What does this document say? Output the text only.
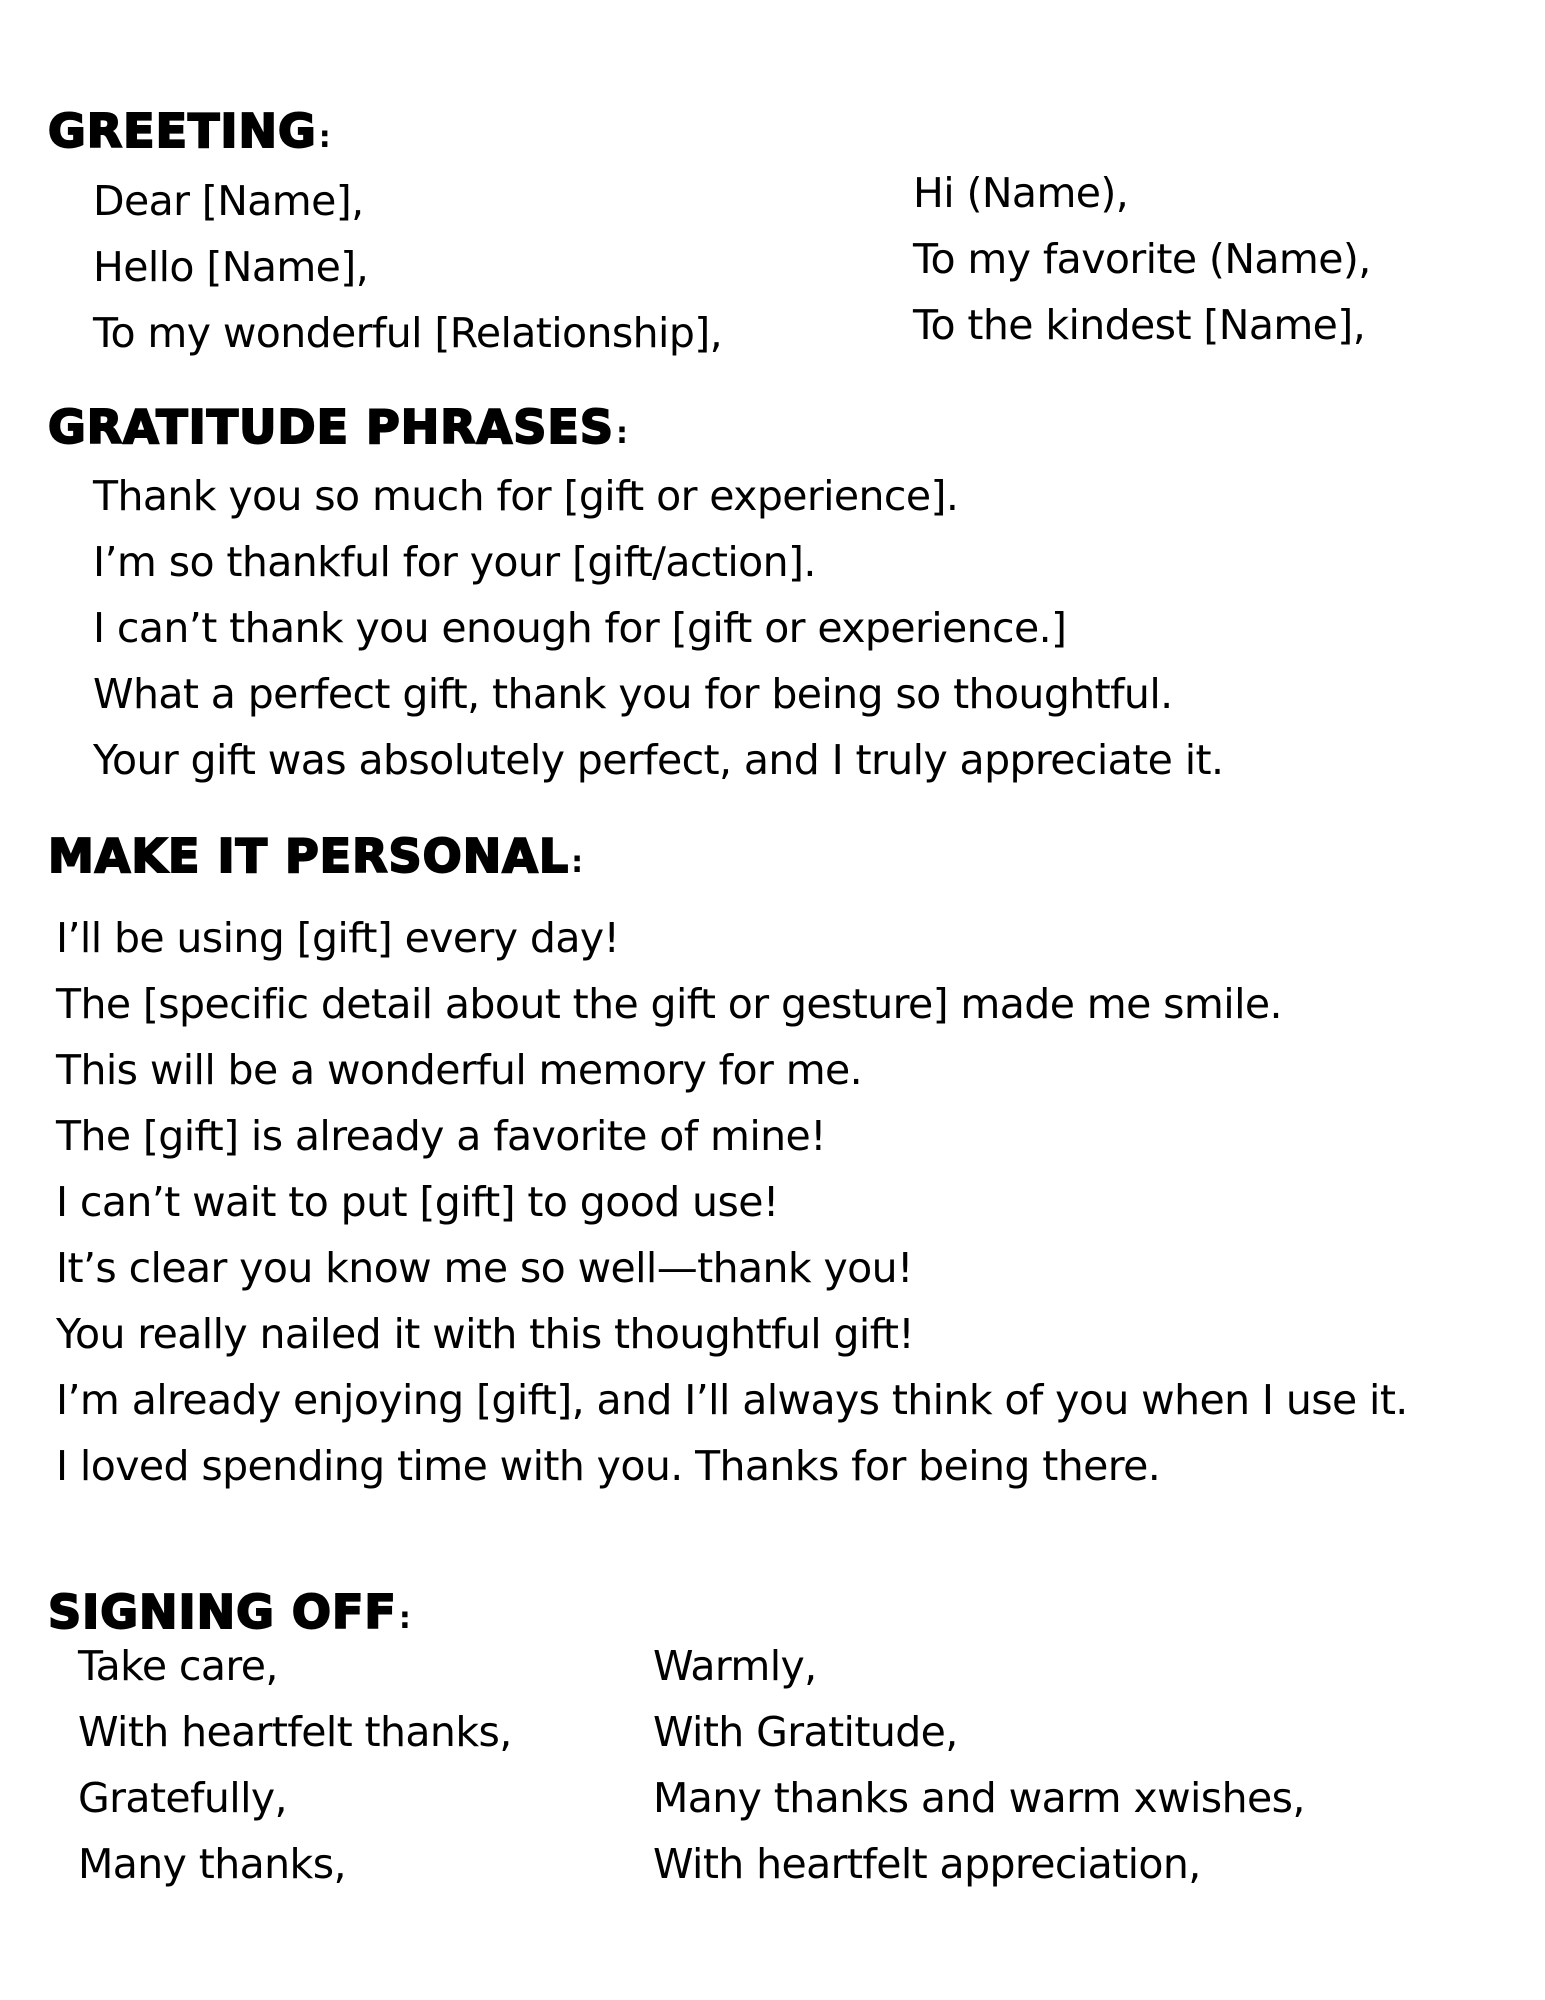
GREETING:
Dear [Name],
Hello [Name],
To my wonderful [Relationship],
Hi (Name),
To my favorite (Name),
To the kindest [Name],
GRATITUDE PHRASES:
Thank you so much for [gift or experience].
I’m so thankful for your [gift/action].
I can’t thank you enough for [gift or experience.]
What a perfect gift, thank you for being so thoughtful.
Your gift was absolutely perfect, and I truly appreciate it.
MAKE IT PERSONAL:
I’ll be using [gift] every day!
The [specific detail about the gift or gesture] made me smile.
This will be a wonderful memory for me.
The [gift] is already a favorite of mine!
I can’t wait to put [gift] to good use!
It’s clear you know me so well—thank you!
You really nailed it with this thoughtful gift!
I’m already enjoying [gift], and I’ll always think of you when I use it.
I loved spending time with you. Thanks for being there.
SIGNING OFF:
Take care,
With heartfelt thanks,
Gratefully,
Many thanks,
Warmly,
With Gratitude,
Many thanks and warm xwishes,
With heartfelt appreciation,
